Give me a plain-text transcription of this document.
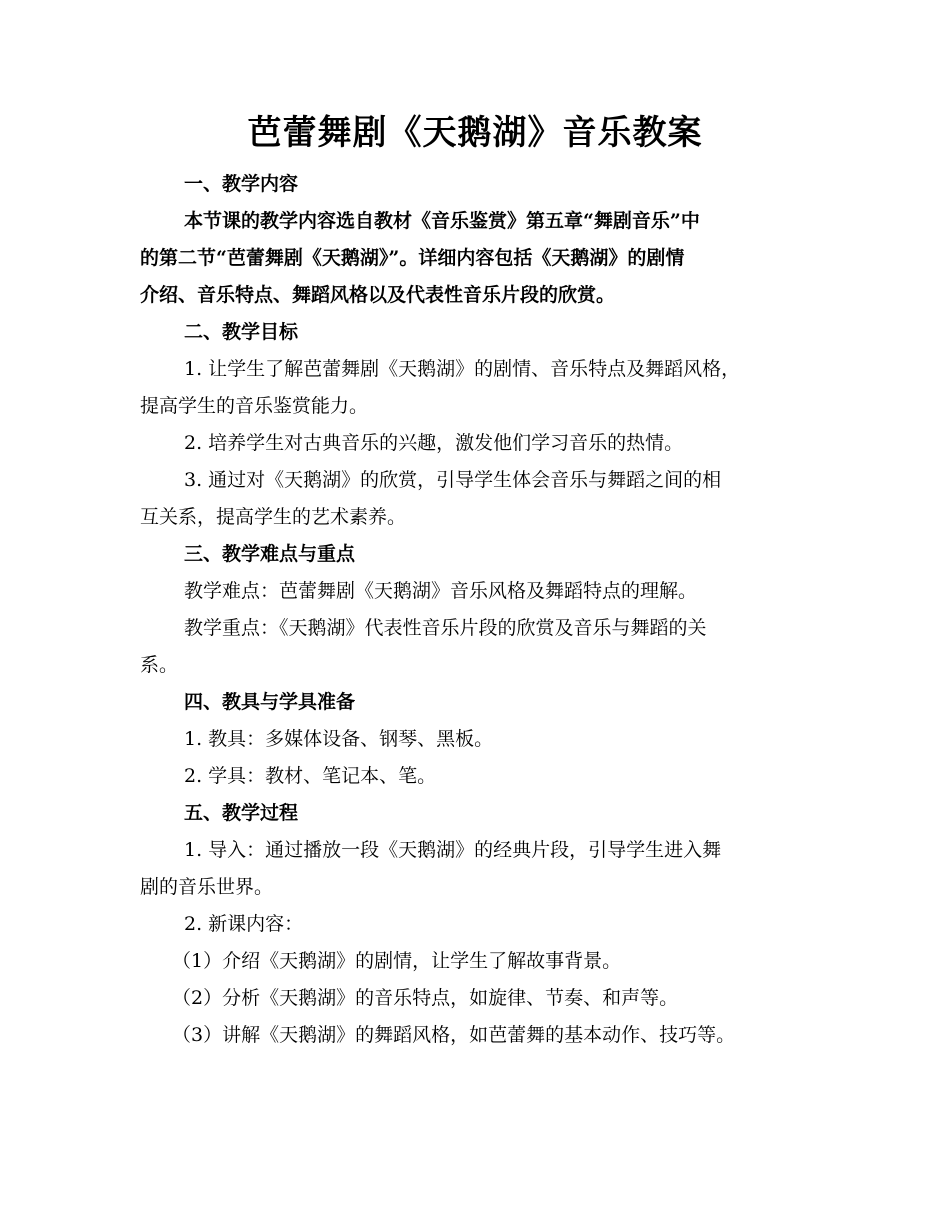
芭蕾舞剧《天鹅湖》音乐教案

一、教学内容

本节课的教学内容选自教材《音乐鉴赏》第五章“舞剧音乐”中
的第二节“芭蕾舞剧《天鹅湖》”。详细内容包括《天鹅湖》的剧情
介绍、音乐特点、舞蹈风格以及代表性音乐片段的欣赏。

二、教学目标

1. 让学生了解芭蕾舞剧《天鹅湖》的剧情、音乐特点及舞蹈风格，
提高学生的音乐鉴赏能力。

2. 培养学生对古典音乐的兴趣，激发他们学习音乐的热情。

3. 通过对《天鹅湖》的欣赏，引导学生体会音乐与舞蹈之间的相
互关系，提高学生的艺术素养。

三、教学难点与重点

教学难点：芭蕾舞剧《天鹅湖》音乐风格及舞蹈特点的理解。

教学重点：《天鹅湖》代表性音乐片段的欣赏及音乐与舞蹈的关
系。

四、教具与学具准备

1. 教具：多媒体设备、钢琴、黑板。

2. 学具：教材、笔记本、笔。

五、教学过程

1. 导入：通过播放一段《天鹅湖》的经典片段，引导学生进入舞
剧的音乐世界。

2. 新课内容：

（1）介绍《天鹅湖》的剧情，让学生了解故事背景。

（2）分析《天鹅湖》的音乐特点，如旋律、节奏、和声等。

（3）讲解《天鹅湖》的舞蹈风格，如芭蕾舞的基本动作、技巧等。
